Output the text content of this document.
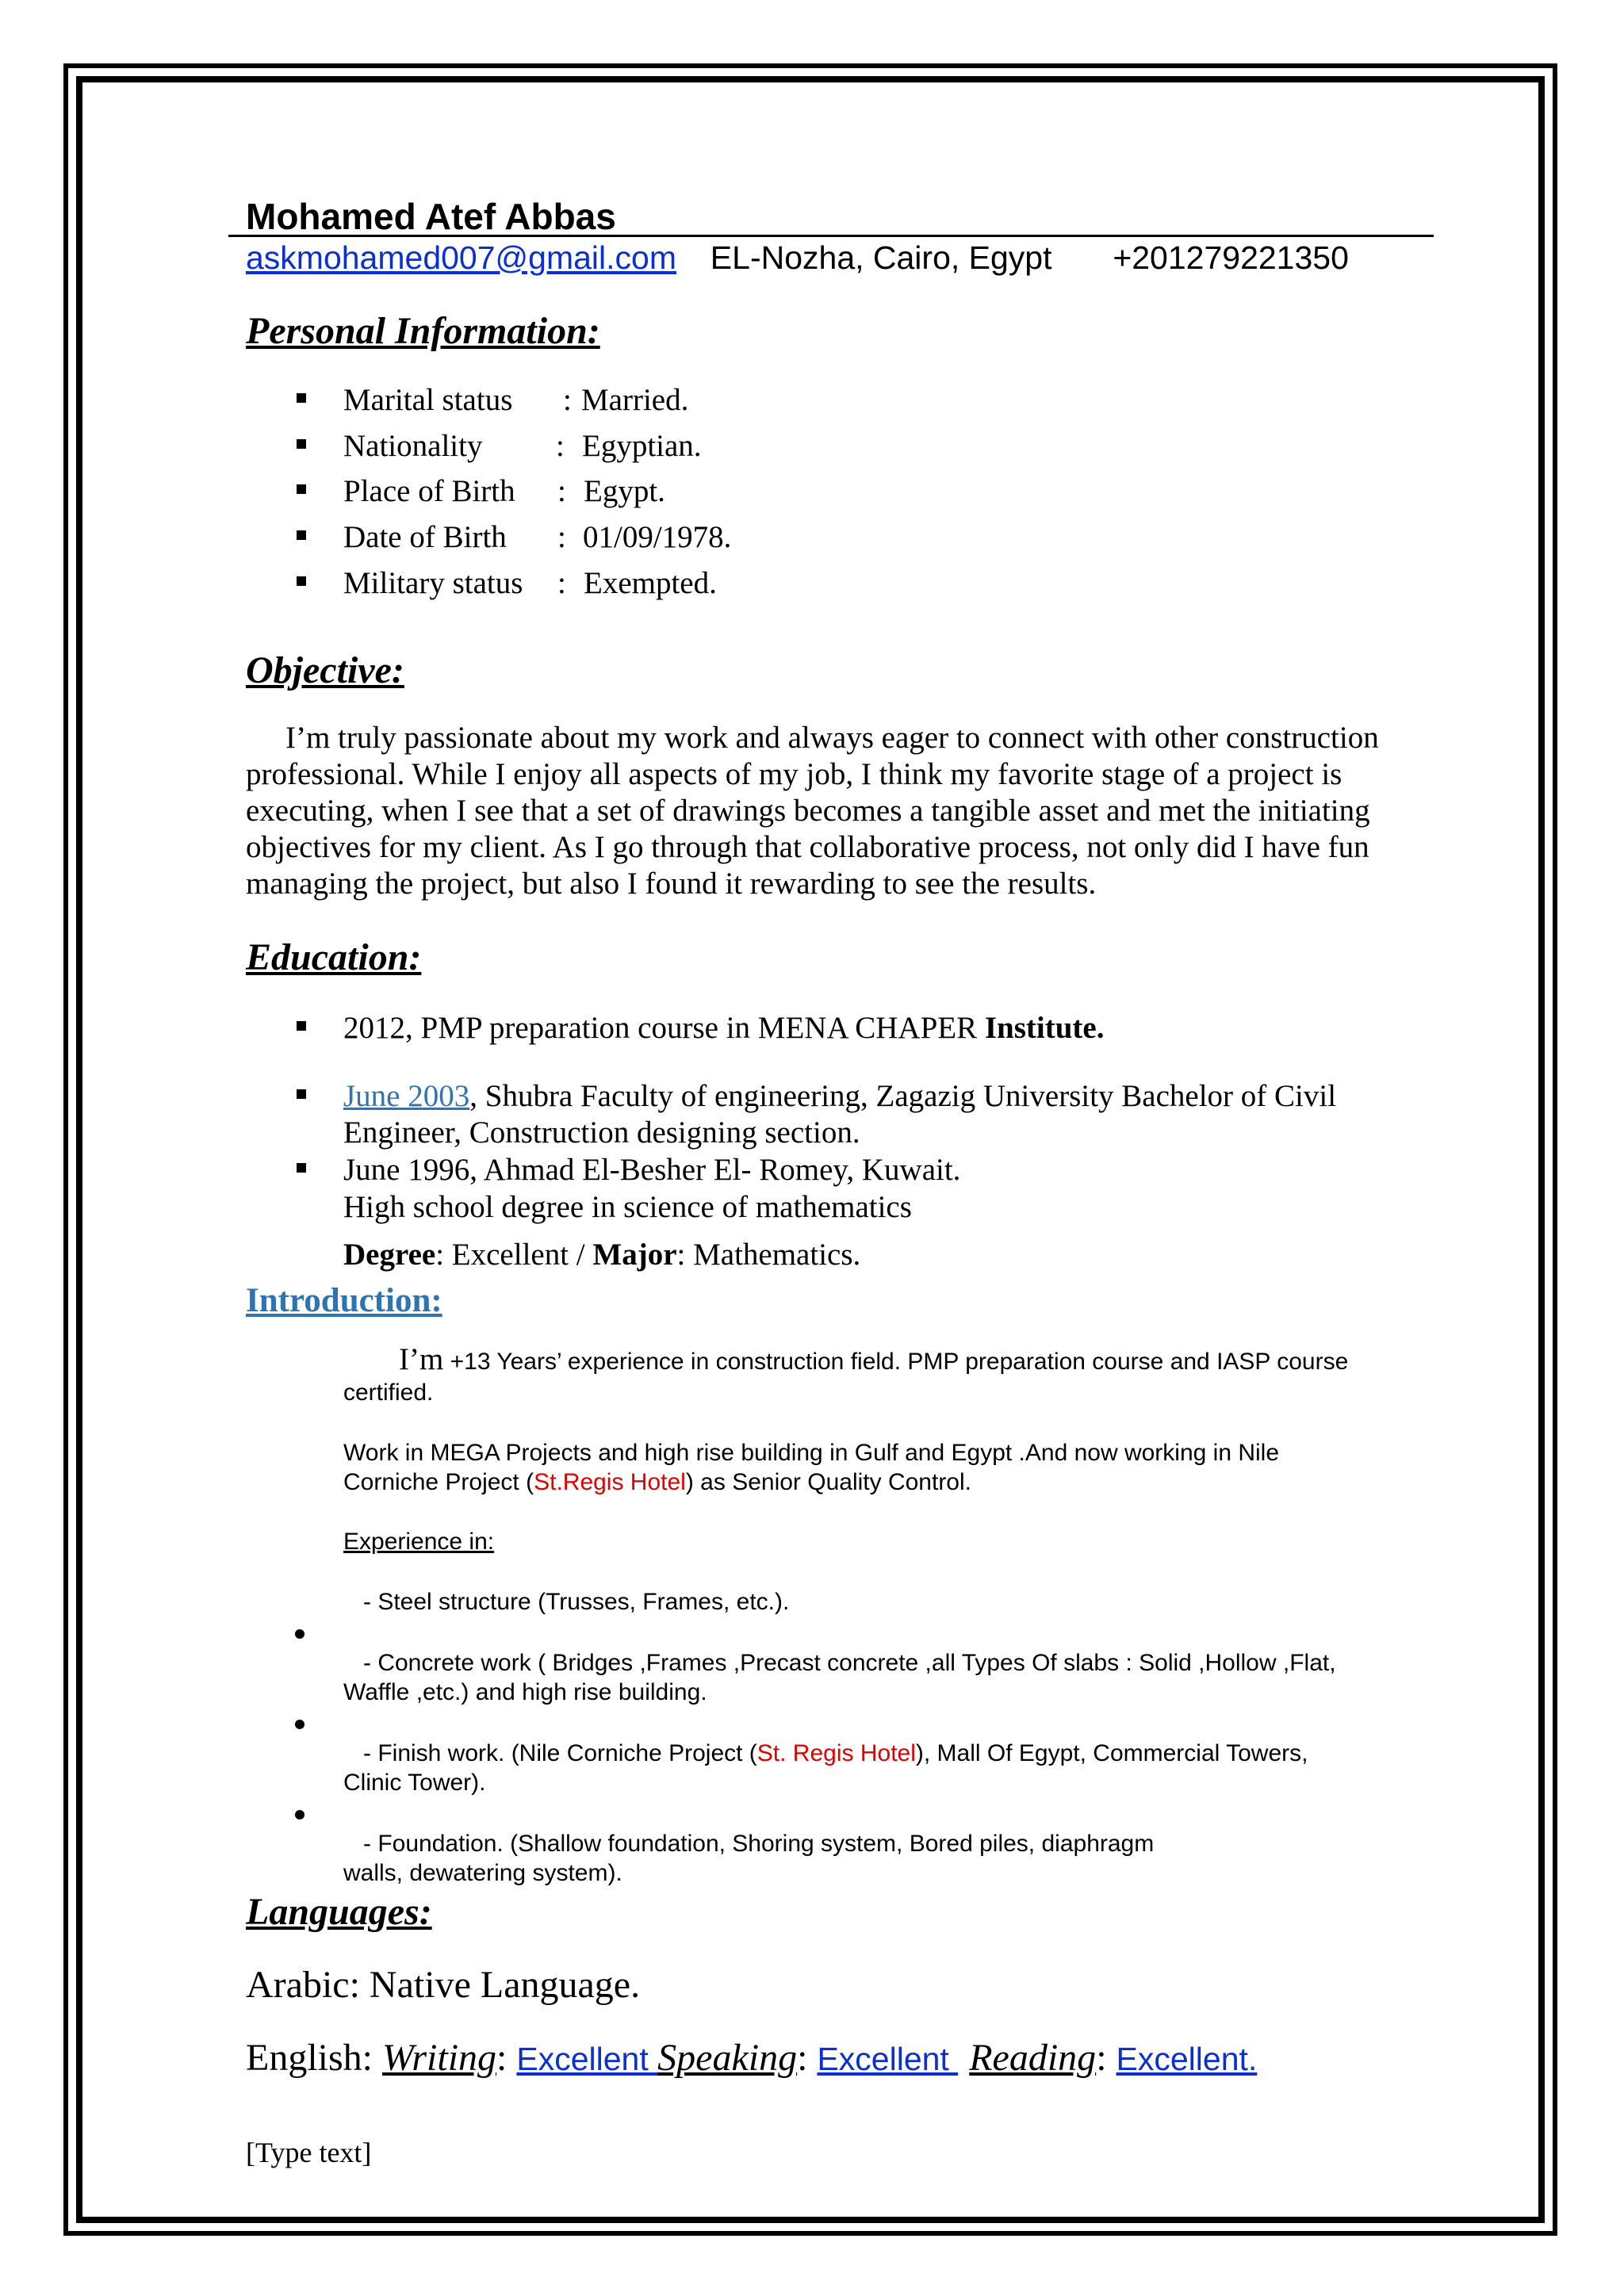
Mohamed Atef Abbas
askmohamed007@gmail.com EL-Nozha, Cairo, Egypt +201279221350
Personal Information:
Marital status : Married.
Nationality : Egyptian.
Place of Birth : Egypt.
Date of Birth : 01/09/1978.
Military status : Exempted.
Objective:
I’m truly passionate about my work and always eager to connect with other construction professional. While I enjoy all aspects of my job, I think my favorite stage of a project is executing, when I see that a set of drawings becomes a tangible asset and met the initiating objectives for my client. As I go through that collaborative process, not only did I have fun managing the project, but also I found it rewarding to see the results.
Education:
2012, PMP preparation course in MENA CHAPER Institute.
June 2003, Shubra Faculty of engineering, Zagazig University Bachelor of Civil
Engineer, Construction designing section.
June 1996, Ahmad El-Besher El- Romey, Kuwait.
High school degree in science of mathematics
Degree: Excellent / Major: Mathematics.
Introduction:
I’m +13 Years’ experience in construction field. PMP preparation course and IASP course
certified.
Work in MEGA Projects and high rise building in Gulf and Egypt .And now working in Nile
Corniche Project (St.Regis Hotel) as Senior Quality Control.
Experience in:
- Steel structure (Trusses, Frames, etc.).
- Concrete work ( Bridges ,Frames ,Precast concrete ,all Types Of slabs : Solid ,Hollow ,Flat,
Waffle ,etc.) and high rise building.
- Finish work. (Nile Corniche Project (St. Regis Hotel), Mall Of Egypt, Commercial Towers,
Clinic Tower).
- Foundation. (Shallow foundation, Shoring system, Bored piles, diaphragm
walls, dewatering system).
Languages:
Arabic: Native Language.
English: Writing: Excellent Speaking: Excellent Reading: Excellent.
[Type text]
